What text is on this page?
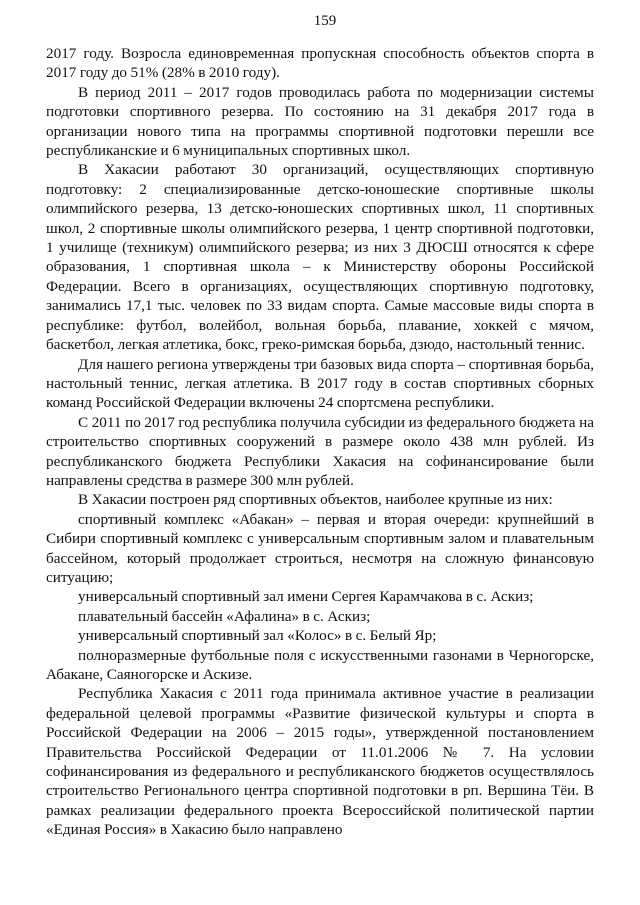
159

2017 году. Возросла единовременная пропускная способность объектов спорта в 2017 году до 51% (28% в 2010 году).

В период 2011 – 2017 годов проводилась работа по модернизации системы подготовки спортивного резерва. По состоянию на 31 декабря 2017 года в организации нового типа на программы спортивной подготовки перешли все республиканские и 6 муниципальных спортивных школ.

В Хакасии работают 30 организаций, осуществляющих спортивную подготовку: 2 специализированные детско-юношеские спортивные школы олимпийского резерва, 13 детско-юношеских спортивных школ, 11 спортивных школ, 2 спортивные школы олимпийского резерва, 1 центр спортивной подготовки, 1 училище (техникум) олимпийского резерва; из них 3 ДЮСШ относятся к сфере образования, 1 спортивная школа – к Министерству обороны Российской Федерации. Всего в организациях, осуществляющих спортивную подготовку, занимались 17,1 тыс. человек по 33 видам спорта. Самые массовые виды спорта в республике: футбол, волейбол, вольная борьба, плавание, хоккей с мячом, баскетбол, легкая атлетика, бокс, греко-римская борьба, дзюдо, настольный теннис.

Для нашего региона утверждены три базовых вида спорта – спортивная борьба, настольный теннис, легкая атлетика. В 2017 году в состав спортивных сборных команд Российской Федерации включены 24 спортсмена республики.

С 2011 по 2017 год республика получила субсидии из федерального бюджета на строительство спортивных сооружений в размере около 438 млн рублей. Из республиканского бюджета Республики Хакасия на софинансирование были направлены средства в размере 300 млн рублей.

В Хакасии построен ряд спортивных объектов, наиболее крупные из них:

спортивный комплекс «Абакан» – первая и вторая очереди: крупнейший в Сибири спортивный комплекс с универсальным спортивным залом и плавательным бассейном, который продолжает строиться, несмотря на сложную финансовую ситуацию;

универсальный спортивный зал имени Сергея Карамчакова в с. Аскиз;

плавательный бассейн «Афалина» в с. Аскиз;

универсальный спортивный зал «Колос» в с. Белый Яр;

полноразмерные футбольные поля с искусственными газонами в Черногорске, Абакане, Саяногорске и Аскизе.

Республика Хакасия с 2011 года принимала активное участие в реализации федеральной целевой программы «Развитие физической культуры и спорта в Российской Федерации на 2006 – 2015 годы», утвержденной постановлением Правительства Российской Федерации от 11.01.2006 № 7. На условии софинансирования из федерального и республиканского бюджетов осуществлялось строительство Регионального центра спортивной подготовки в рп. Вершина Тёи. В рамках реализации федерального проекта Всероссийской политической партии «Единая Россия» в Хакасию было направлено
